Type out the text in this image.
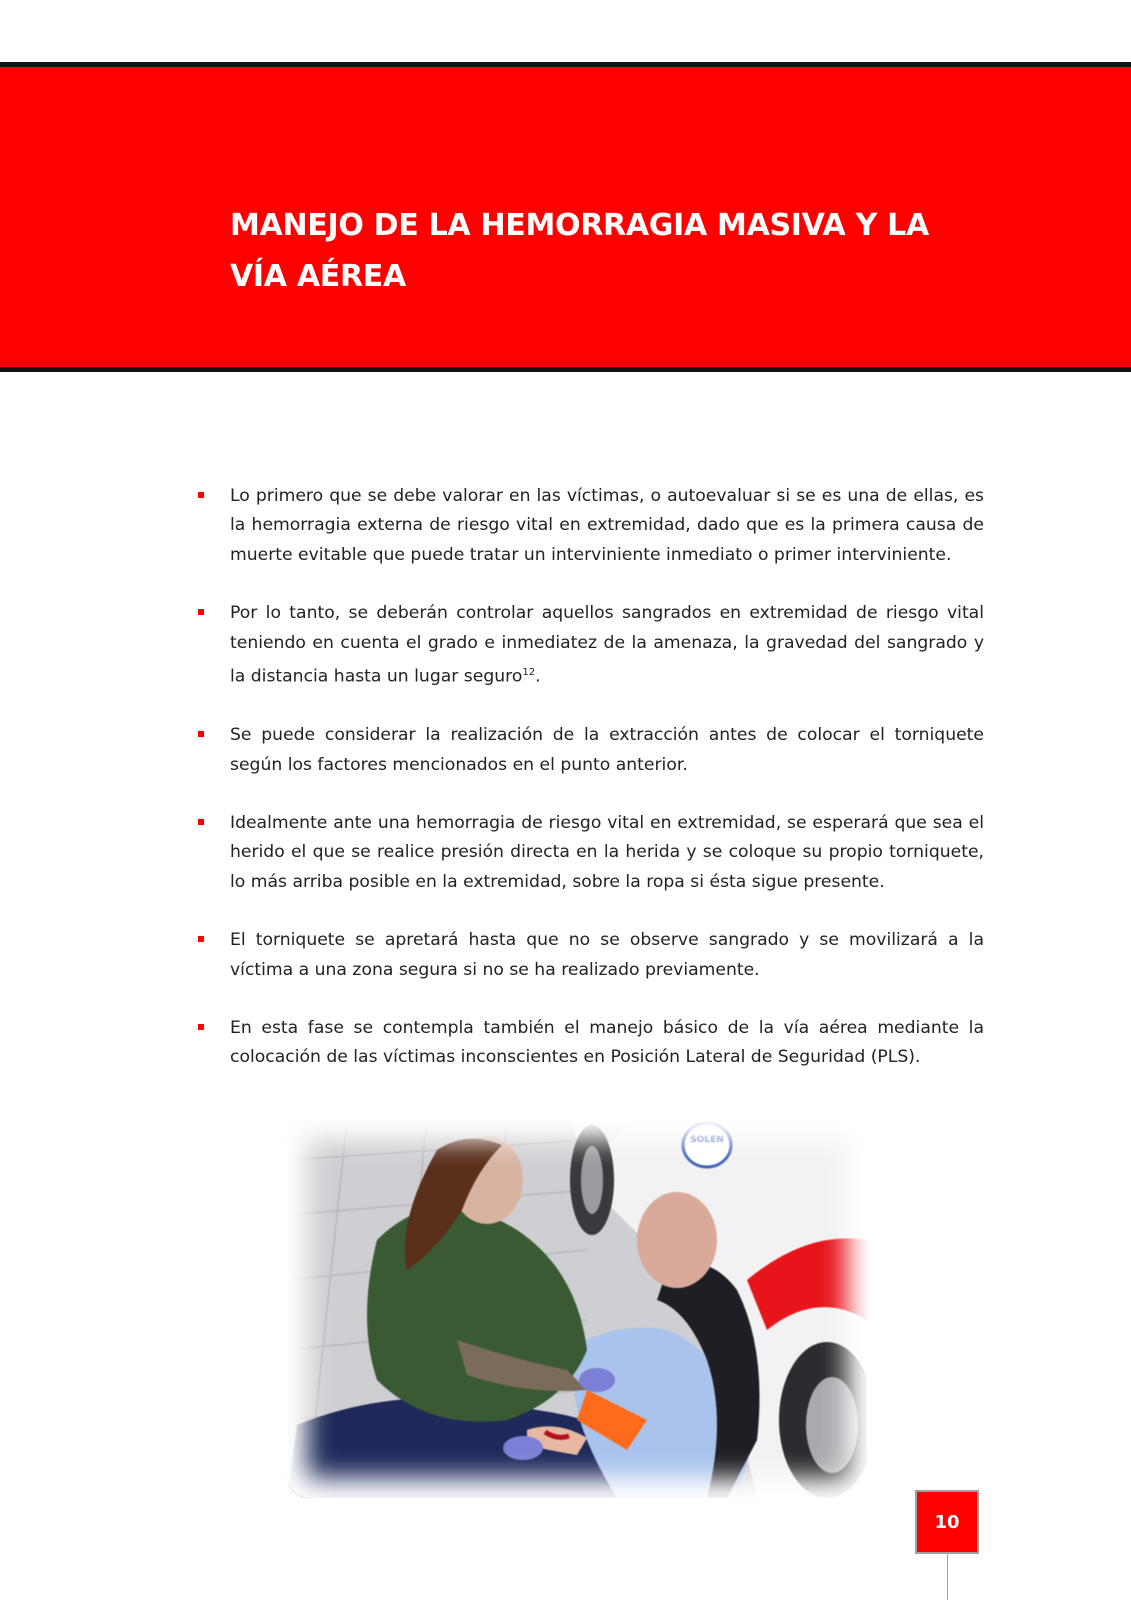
MANEJO DE LA HEMORRAGIA MASIVA Y LA VÍA AÉREA
Lo primero que se debe valorar en las víctimas, o autoevaluar si se es una de ellas, es la hemorragia externa de riesgo vital en extremidad, dado que es la primera causa de muerte evitable que puede tratar un interviniente inmediato o primer interviniente.
Por lo tanto, se deberán controlar aquellos sangrados en extremidad de riesgo vital teniendo en cuenta el grado e inmediatez de la amenaza, la gravedad del sangrado y la distancia hasta un lugar seguro$^{12}$.
Se puede considerar la realización de la extracción antes de colocar el torniquete según los factores mencionados en el punto anterior.
Idealmente ante una hemorragia de riesgo vital en extremidad, se esperará que sea el herido el que se realice presión directa en la herida y se coloque su propio torniquete, lo más arriba posible en la extremidad, sobre la ropa si ésta sigue presente.
El torniquete se apretará hasta que no se observe sangrado y se movilizará a la víctima a una zona segura si no se ha realizado previamente.
En esta fase se contempla también el manejo básico de la vía aérea mediante la colocación de las víctimas inconscientes en Posición Lateral de Seguridad (PLS).
SOLEN
10
